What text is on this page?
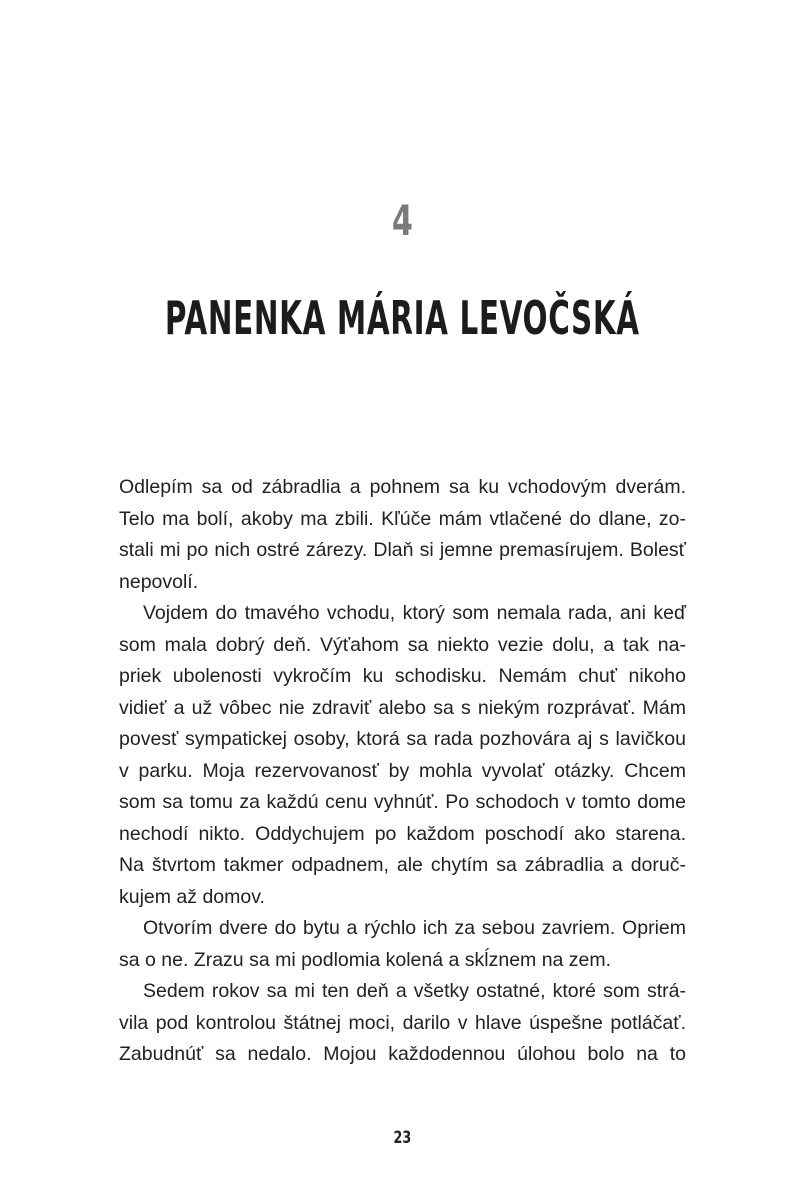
4
PANENKA MÁRIA LEVOČSKÁ
Odlepím sa od zábradlia a pohnem sa ku vchodovým dverám.
Telo ma bolí, akoby ma zbili. Kľúče mám vtlačené do dlane, zo-
stali mi po nich ostré zárezy. Dlaň si jemne premasírujem. Bolesť
nepovolí.
Vojdem do tmavého vchodu, ktorý som nemala rada, ani keď
som mala dobrý deň. Výťahom sa niekto vezie dolu, a tak na-
priek ubolenosti vykročím ku schodisku. Nemám chuť nikoho
vidieť a už vôbec nie zdraviť alebo sa s niekým rozprávať. Mám
povesť sympatickej osoby, ktorá sa rada pozhovára aj s lavičkou
v parku. Moja rezervovanosť by mohla vyvolať otázky. Chcem
som sa tomu za každú cenu vyhnúť. Po schodoch v tomto dome
nechodí nikto. Oddychujem po každom poschodí ako starena.
Na štvrtom takmer odpadnem, ale chytím sa zábradlia a doruč-
kujem až domov.
Otvorím dvere do bytu a rýchlo ich za sebou zavriem. Opriem
sa o ne. Zrazu sa mi podlomia kolená a skĺznem na zem.
Sedem rokov sa mi ten deň a všetky ostatné, ktoré som strá-
vila pod kontrolou štátnej moci, darilo v hlave úspešne potláčať.
Zabudnúť sa nedalo. Mojou každodennou úlohou bolo na to
23
